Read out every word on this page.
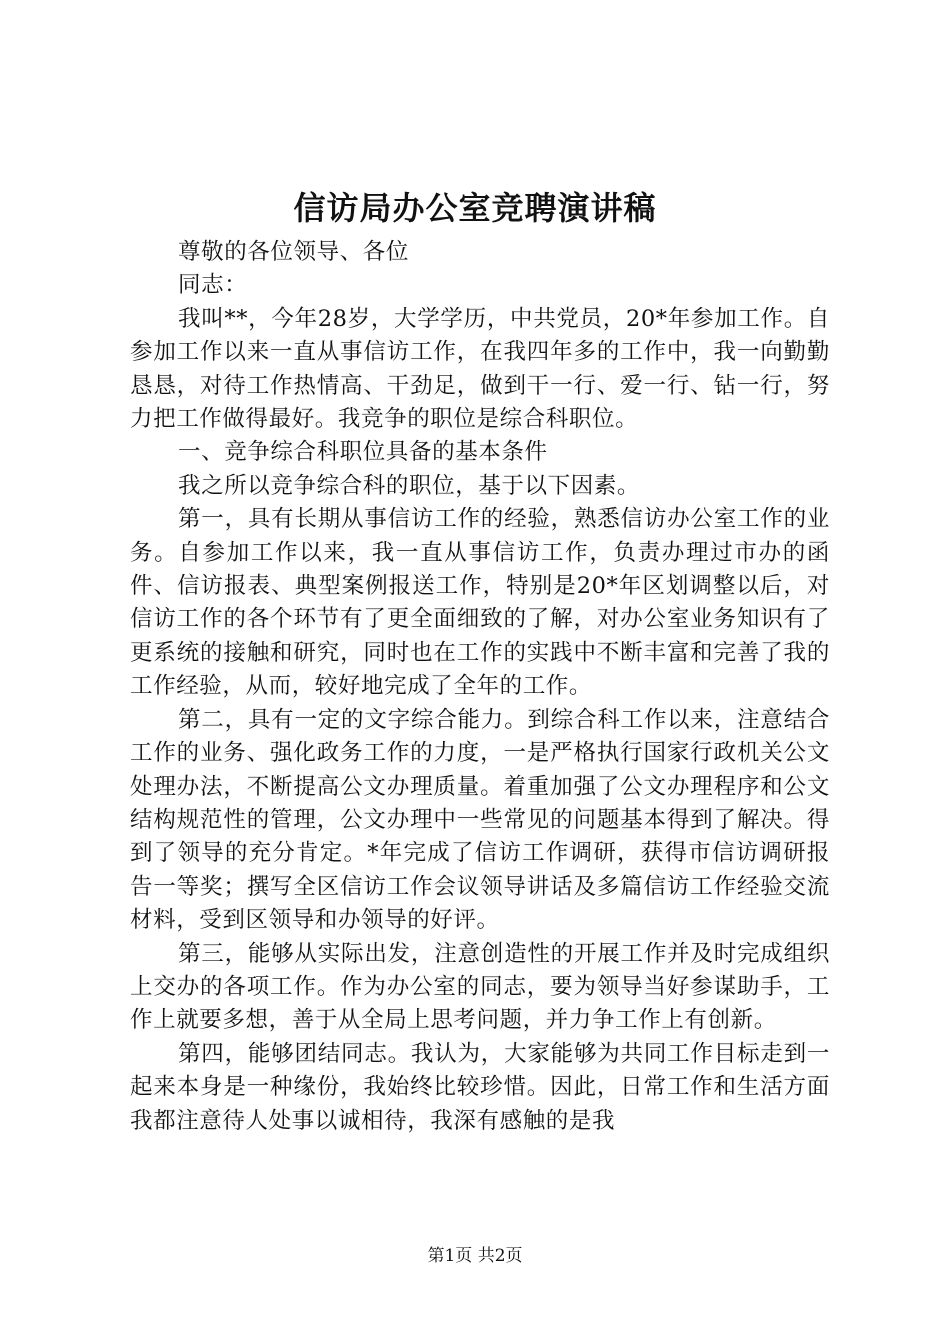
信访局办公室竞聘演讲稿

尊敬的各位领导、各位

同志：

我叫**，今年28岁，大学学历，中共党员，20*年参加工作。自参加工作以来一直从事信访工作，在我四年多的工作中，我一向勤勤恳恳，对待工作热情高、干劲足，做到干一行、爱一行、钻一行，努力把工作做得最好。我竞争的职位是综合科职位。

一、竞争综合科职位具备的基本条件

我之所以竞争综合科的职位，基于以下因素。

第一，具有长期从事信访工作的经验，熟悉信访办公室工作的业务。自参加工作以来，我一直从事信访工作，负责办理过市办的函件、信访报表、典型案例报送工作，特别是20*年区划调整以后，对信访工作的各个环节有了更全面细致的了解，对办公室业务知识有了更系统的接触和研究，同时也在工作的实践中不断丰富和完善了我的工作经验，从而，较好地完成了全年的工作。

第二，具有一定的文字综合能力。到综合科工作以来，注意结合工作的业务、强化政务工作的力度，一是严格执行国家行政机关公文处理办法，不断提高公文办理质量。着重加强了公文办理程序和公文结构规范性的管理，公文办理中一些常见的问题基本得到了解决。得到了领导的充分肯定。*年完成了信访工作调研，获得市信访调研报告一等奖；撰写全区信访工作会议领导讲话及多篇信访工作经验交流材料，受到区领导和办领导的好评。

第三，能够从实际出发，注意创造性的开展工作并及时完成组织上交办的各项工作。作为办公室的同志，要为领导当好参谋助手，工作上就要多想，善于从全局上思考问题，并力争工作上有创新。

第四，能够团结同志。我认为，大家能够为共同工作目标走到一起来本身是一种缘份，我始终比较珍惜。因此，日常工作和生活方面我都注意待人处事以诚相待，我深有感触的是我

第1页 共2页
